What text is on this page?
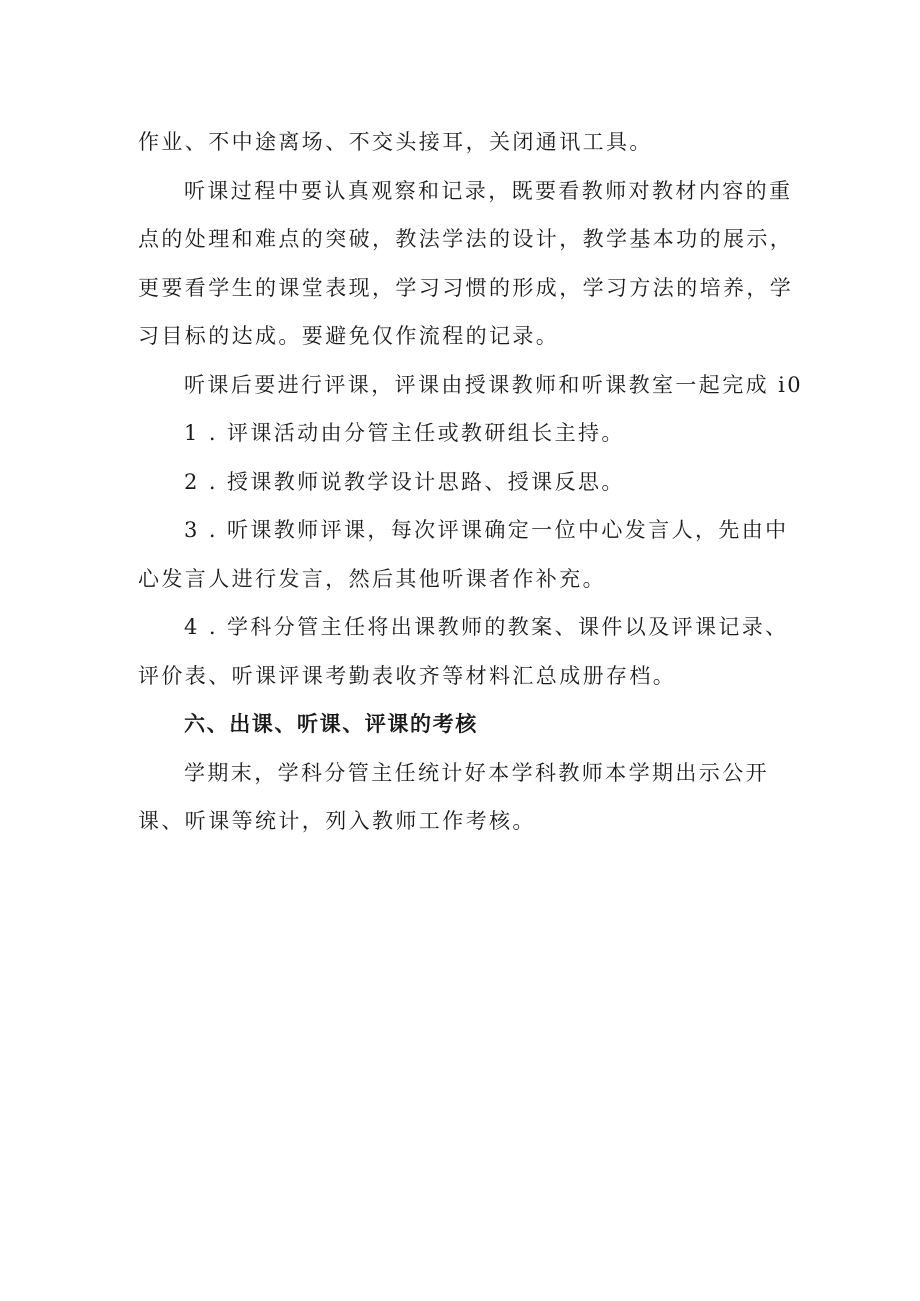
作业、不中途离场、不交头接耳，关闭通讯工具。

听课过程中要认真观察和记录，既要看教师对教材内容的重
点的处理和难点的突破，教法学法的设计，教学基本功的展示，
更要看学生的课堂表现，学习习惯的形成，学习方法的培养，学
习目标的达成。要避免仅作流程的记录。

听课后要进行评课，评课由授课教师和听课教室一起完成 i0

1 . 评课活动由分管主任或教研组长主持。

2 . 授课教师说教学设计思路、授课反思。

3 . 听课教师评课，每次评课确定一位中心发言人，先由中
心发言人进行发言，然后其他听课者作补充。

4 . 学科分管主任将出课教师的教案、课件以及评课记录、
评价表、听课评课考勤表收齐等材料汇总成册存档。

六、出课、听课、评课的考核

学期末，学科分管主任统计好本学科教师本学期出示公开
课、听课等统计，列入教师工作考核。
